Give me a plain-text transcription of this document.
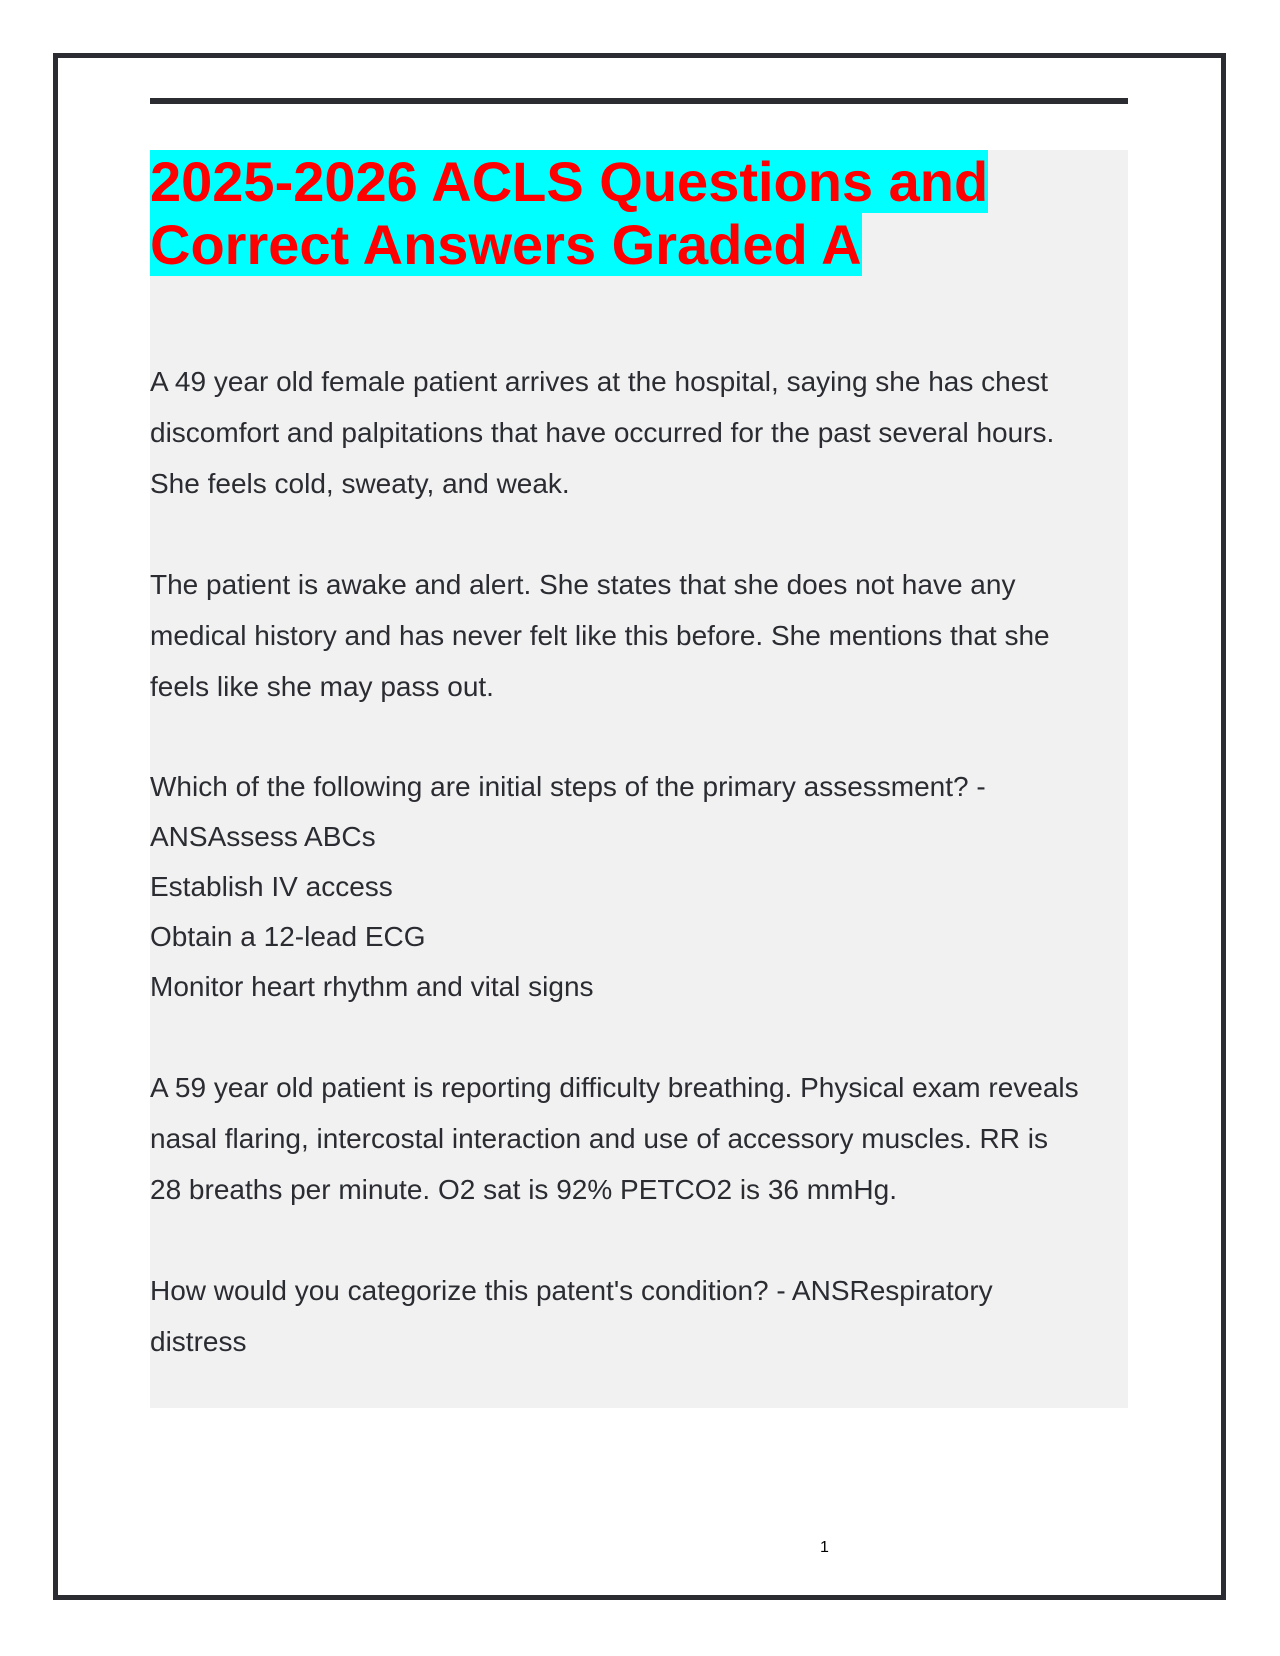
2025-2026 ACLS Questions and
Correct Answers Graded A

A 49 year old female patient arrives at the hospital, saying she has chest
discomfort and palpitations that have occurred for the past several hours.
She feels cold, sweaty, and weak.

The patient is awake and alert. She states that she does not have any
medical history and has never felt like this before. She mentions that she
feels like she may pass out.

Which of the following are initial steps of the primary assessment? -
ANSAssess ABCs
Establish IV access
Obtain a 12-lead ECG
Monitor heart rhythm and vital signs

A 59 year old patient is reporting difficulty breathing. Physical exam reveals
nasal flaring, intercostal interaction and use of accessory muscles. RR is
28 breaths per minute. O2 sat is 92% PETCO2 is 36 mmHg.

How would you categorize this patent's condition? - ANSRespiratory
distress

1
